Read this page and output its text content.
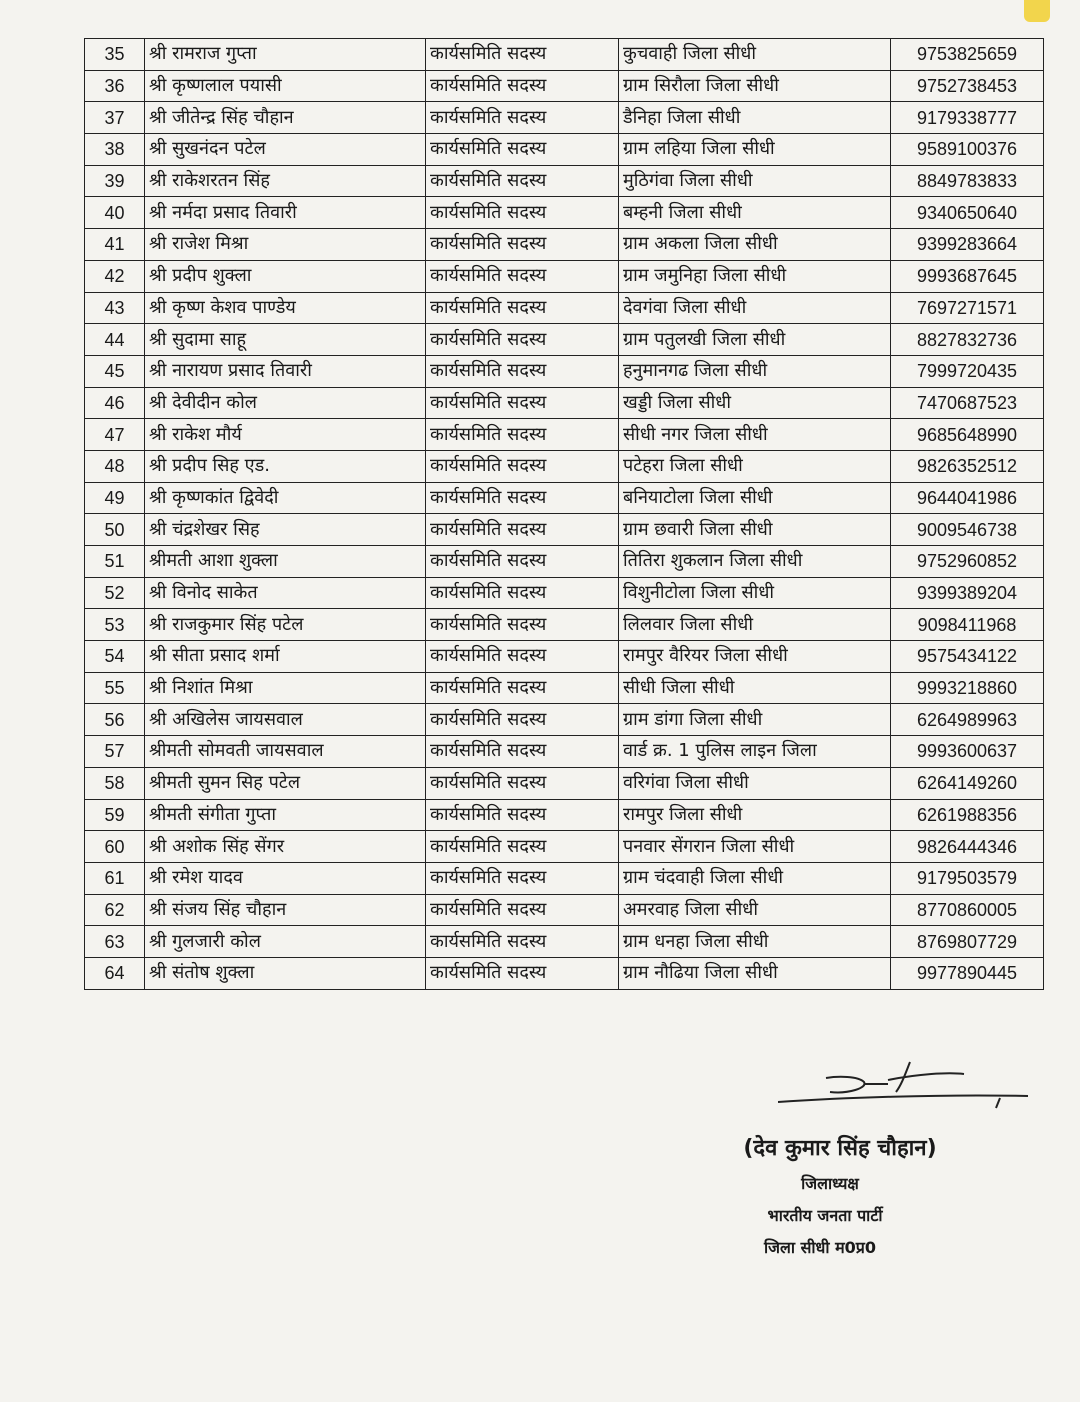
35	श्री रामराज गुप्ता	कार्यसमिति सदस्य	कुचवाही जिला सीधी	9753825659
36	श्री कृष्णलाल पयासी	कार्यसमिति सदस्य	ग्राम सिरौला जिला सीधी	9752738453
37	श्री जीतेन्द्र सिंह चौहान	कार्यसमिति सदस्य	डैनिहा जिला सीधी	9179338777
38	श्री सुखनंदन पटेल	कार्यसमिति सदस्य	ग्राम लहिया जिला सीधी	9589100376
39	श्री राकेशरतन सिंह	कार्यसमिति सदस्य	मुठिगंवा जिला सीधी	8849783833
40	श्री नर्मदा प्रसाद तिवारी	कार्यसमिति सदस्य	बम्हनी जिला सीधी	9340650640
41	श्री राजेश मिश्रा	कार्यसमिति सदस्य	ग्राम अकला जिला सीधी	9399283664
42	श्री प्रदीप शुक्ला	कार्यसमिति सदस्य	ग्राम जमुनिहा जिला सीधी	9993687645
43	श्री कृष्ण केशव पाण्डेय	कार्यसमिति सदस्य	देवगंवा जिला सीधी	7697271571
44	श्री सुदामा साहू	कार्यसमिति सदस्य	ग्राम पतुलखी जिला सीधी	8827832736
45	श्री नारायण प्रसाद तिवारी	कार्यसमिति सदस्य	हनुमानगढ जिला सीधी	7999720435
46	श्री देवीदीन कोल	कार्यसमिति सदस्य	खड्डी जिला सीधी	7470687523
47	श्री राकेश मौर्य	कार्यसमिति सदस्य	सीधी नगर जिला सीधी	9685648990
48	श्री प्रदीप सिह एड.	कार्यसमिति सदस्य	पटेहरा जिला सीधी	9826352512
49	श्री कृष्णकांत द्विवेदी	कार्यसमिति सदस्य	बनियाटोला जिला सीधी	9644041986
50	श्री चंद्रशेखर सिह	कार्यसमिति सदस्य	ग्राम छवारी जिला सीधी	9009546738
51	श्रीमती आशा शुक्ला	कार्यसमिति सदस्य	तितिरा शुकलान जिला सीधी	9752960852
52	श्री विनोद साकेत	कार्यसमिति सदस्य	विशुनीटोला जिला सीधी	9399389204
53	श्री राजकुमार सिंह पटेल	कार्यसमिति सदस्य	लिलवार जिला सीधी	9098411968
54	श्री सीता प्रसाद शर्मा	कार्यसमिति सदस्य	रामपुर वैरियर जिला सीधी	9575434122
55	श्री निशांत मिश्रा	कार्यसमिति सदस्य	सीधी जिला सीधी	9993218860
56	श्री अखिलेस जायसवाल	कार्यसमिति सदस्य	ग्राम डांगा जिला सीधी	6264989963
57	श्रीमती सोमवती जायसवाल	कार्यसमिति सदस्य	वार्ड क्र. 1 पुलिस लाइन जिला	9993600637
58	श्रीमती सुमन सिह पटेल	कार्यसमिति सदस्य	वरिगंवा जिला सीधी	6264149260
59	श्रीमती संगीता गुप्ता	कार्यसमिति सदस्य	रामपुर जिला सीधी	6261988356
60	श्री अशोक सिंह सेंगर	कार्यसमिति सदस्य	पनवार सेंगरान जिला सीधी	9826444346
61	श्री रमेश यादव	कार्यसमिति सदस्य	ग्राम चंदवाही जिला सीधी	9179503579
62	श्री संजय सिंह चौहान	कार्यसमिति सदस्य	अमरवाह जिला सीधी	8770860005
63	श्री गुलजारी कोल	कार्यसमिति सदस्य	ग्राम धनहा जिला सीधी	8769807729
64	श्री संतोष शुक्ला	कार्यसमिति सदस्य	ग्राम नौढिया जिला सीधी	9977890445
(देव कुमार सिंह चौहान)
जिलाध्यक्ष
भारतीय जनता पार्टी
जिला सीधी म0प्र0
